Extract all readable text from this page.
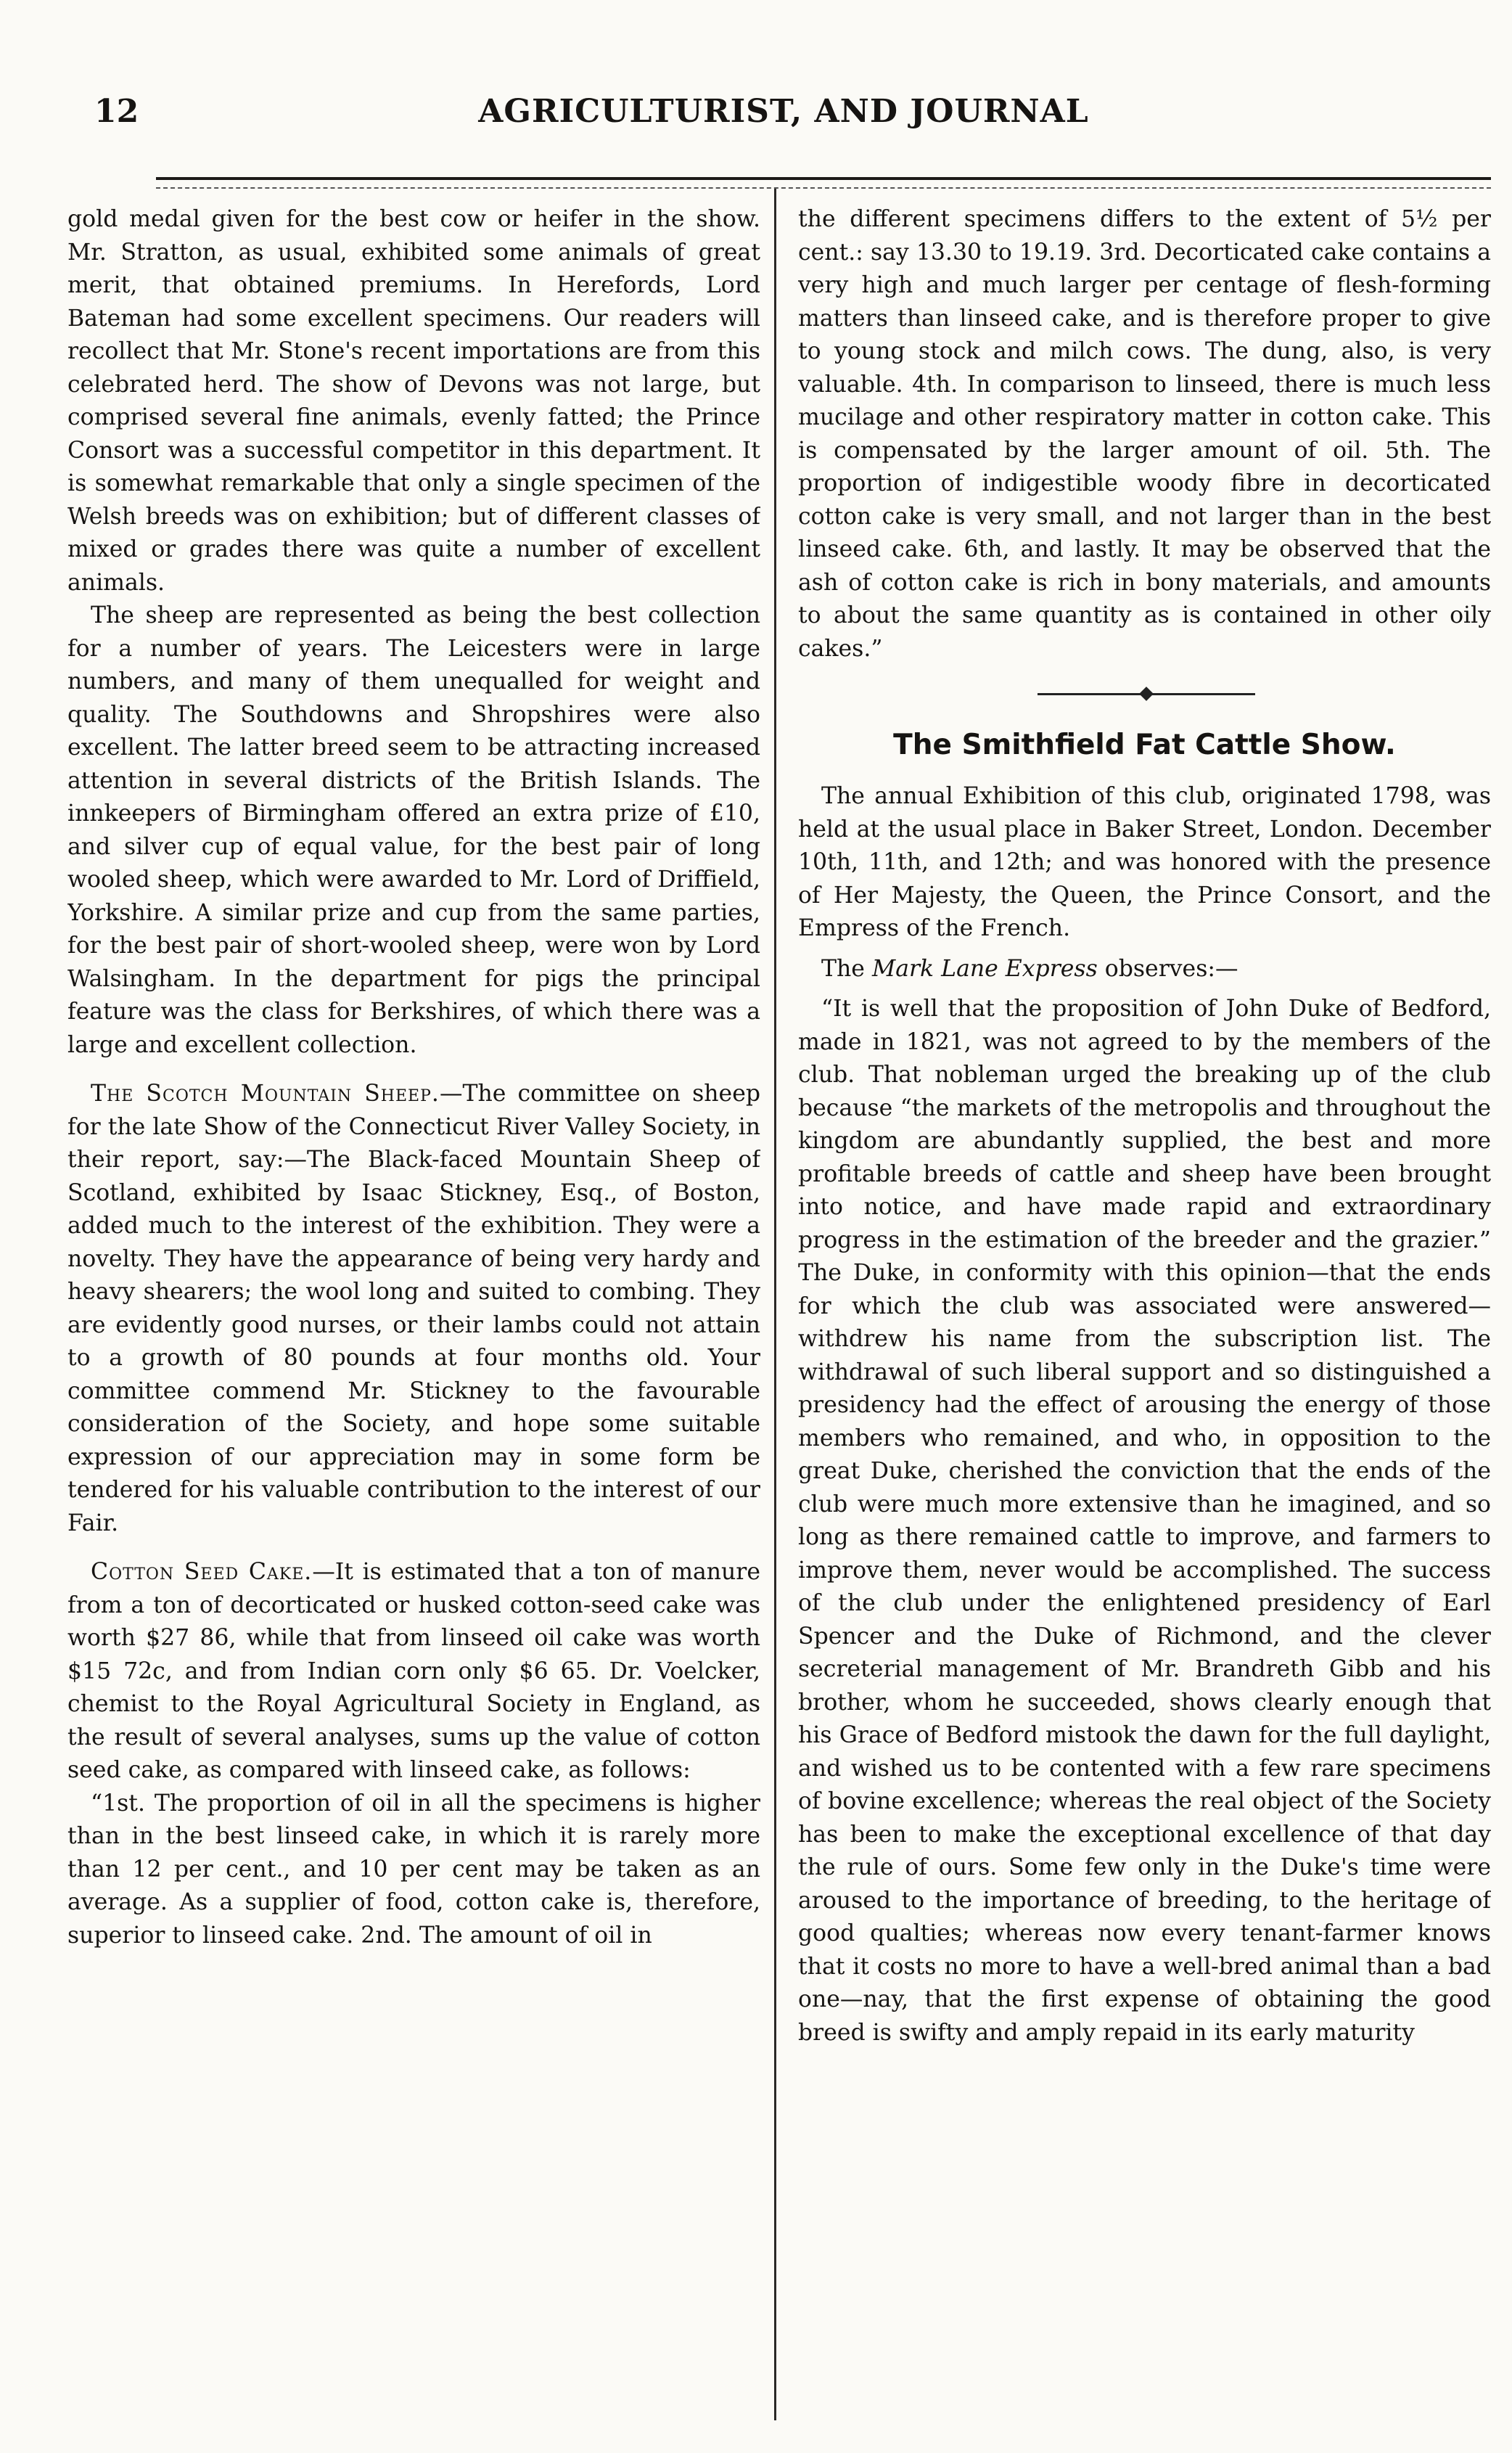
12	AGRICULTURIST, AND JOURNAL

gold medal given for the best cow or heifer in the show. Mr. Stratton, as usual, exhibited some animals of great merit, that obtained premiums. In Herefords, Lord Bateman had some excellent specimens. Our readers will recollect that Mr. Stone's recent importations are from this celebrated herd. The show of Devons was not large, but comprised several fine animals, evenly fatted; the Prince Consort was a successful competitor in this department. It is somewhat remarkable that only a single specimen of the Welsh breeds was on exhibition; but of different classes of mixed or grades there was quite a number of excellent animals.

The sheep are represented as being the best collection for a number of years. The Leicesters were in large numbers, and many of them unequalled for weight and quality. The Southdowns and Shropshires were also excellent. The latter breed seem to be attracting increased attention in several districts of the British Islands. The innkeepers of Birmingham offered an extra prize of £10, and silver cup of equal value, for the best pair of long wooled sheep, which were awarded to Mr. Lord of Driffield, Yorkshire. A similar prize and cup from the same parties, for the best pair of short-wooled sheep, were won by Lord Walsingham. In the department for pigs the principal feature was the class for Berkshires, of which there was a large and excellent collection.

The Scotch Mountain Sheep.—The committee on sheep for the late Show of the Connecticut River Valley Society, in their report, say:—The Black-faced Mountain Sheep of Scotland, exhibited by Isaac Stickney, Esq., of Boston, added much to the interest of the exhibition. They were a novelty. They have the appearance of being very hardy and heavy shearers; the wool long and suited to combing. They are evidently good nurses, or their lambs could not attain to a growth of 80 pounds at four months old. Your committee commend Mr. Stickney to the favourable consideration of the Society, and hope some suitable expression of our appreciation may in some form be tendered for his valuable contribution to the interest of our Fair.

Cotton Seed Cake.—It is estimated that a ton of manure from a ton of decorticated or husked cotton-seed cake was worth $27 86, while that from linseed oil cake was worth $15 72c, and from Indian corn only $6 65. Dr. Voelcker, chemist to the Royal Agricultural Society in England, as the result of several analyses, sums up the value of cotton seed cake, as compared with linseed cake, as follows:

“1st. The proportion of oil in all the specimens is higher than in the best linseed cake, in which it is rarely more than 12 per cent., and 10 per cent may be taken as an average. As a supplier of food, cotton cake is, therefore, superior to linseed cake. 2nd. The amount of oil in

the different specimens differs to the extent of 5½ per cent.: say 13.30 to 19.19. 3rd. Decorticated cake contains a very high and much larger per centage of flesh-forming matters than linseed cake, and is therefore proper to give to young stock and milch cows. The dung, also, is very valuable. 4th. In comparison to linseed, there is much less mucilage and other respiratory matter in cotton cake. This is compensated by the larger amount of oil. 5th. The proportion of indigestible woody fibre in decorticated cotton cake is very small, and not larger than in the best linseed cake. 6th, and lastly. It may be observed that the ash of cotton cake is rich in bony materials, and amounts to about the same quantity as is contained in other oily cakes.”

The Smithfield Fat Cattle Show.

The annual Exhibition of this club, originated 1798, was held at the usual place in Baker Street, London. December 10th, 11th, and 12th; and was honored with the presence of Her Majesty, the Queen, the Prince Consort, and the Empress of the French.

The Mark Lane Express observes:—

“It is well that the proposition of John Duke of Bedford, made in 1821, was not agreed to by the members of the club. That nobleman urged the breaking up of the club because “the markets of the metropolis and throughout the kingdom are abundantly supplied, the best and more profitable breeds of cattle and sheep have been brought into notice, and have made rapid and extraordinary progress in the estimation of the breeder and the grazier.” The Duke, in conformity with this opinion—that the ends for which the club was associated were answered—withdrew his name from the subscription list. The withdrawal of such liberal support and so distinguished a presidency had the effect of arousing the energy of those members who remained, and who, in opposition to the great Duke, cherished the conviction that the ends of the club were much more extensive than he imagined, and so long as there remained cattle to improve, and farmers to improve them, never would be accomplished. The success of the club under the enlightened presidency of Earl Spencer and the Duke of Richmond, and the clever secreterial management of Mr. Brandreth Gibb and his brother, whom he succeeded, shows clearly enough that his Grace of Bedford mistook the dawn for the full daylight, and wished us to be contented with a few rare specimens of bovine excellence; whereas the real object of the Society has been to make the exceptional excellence of that day the rule of ours. Some few only in the Duke's time were aroused to the importance of breeding, to the heritage of good qualties; whereas now every tenant-farmer knows that it costs no more to have a well-bred animal than a bad one—nay, that the first expense of obtaining the good breed is swifty and amply repaid in its early maturity
